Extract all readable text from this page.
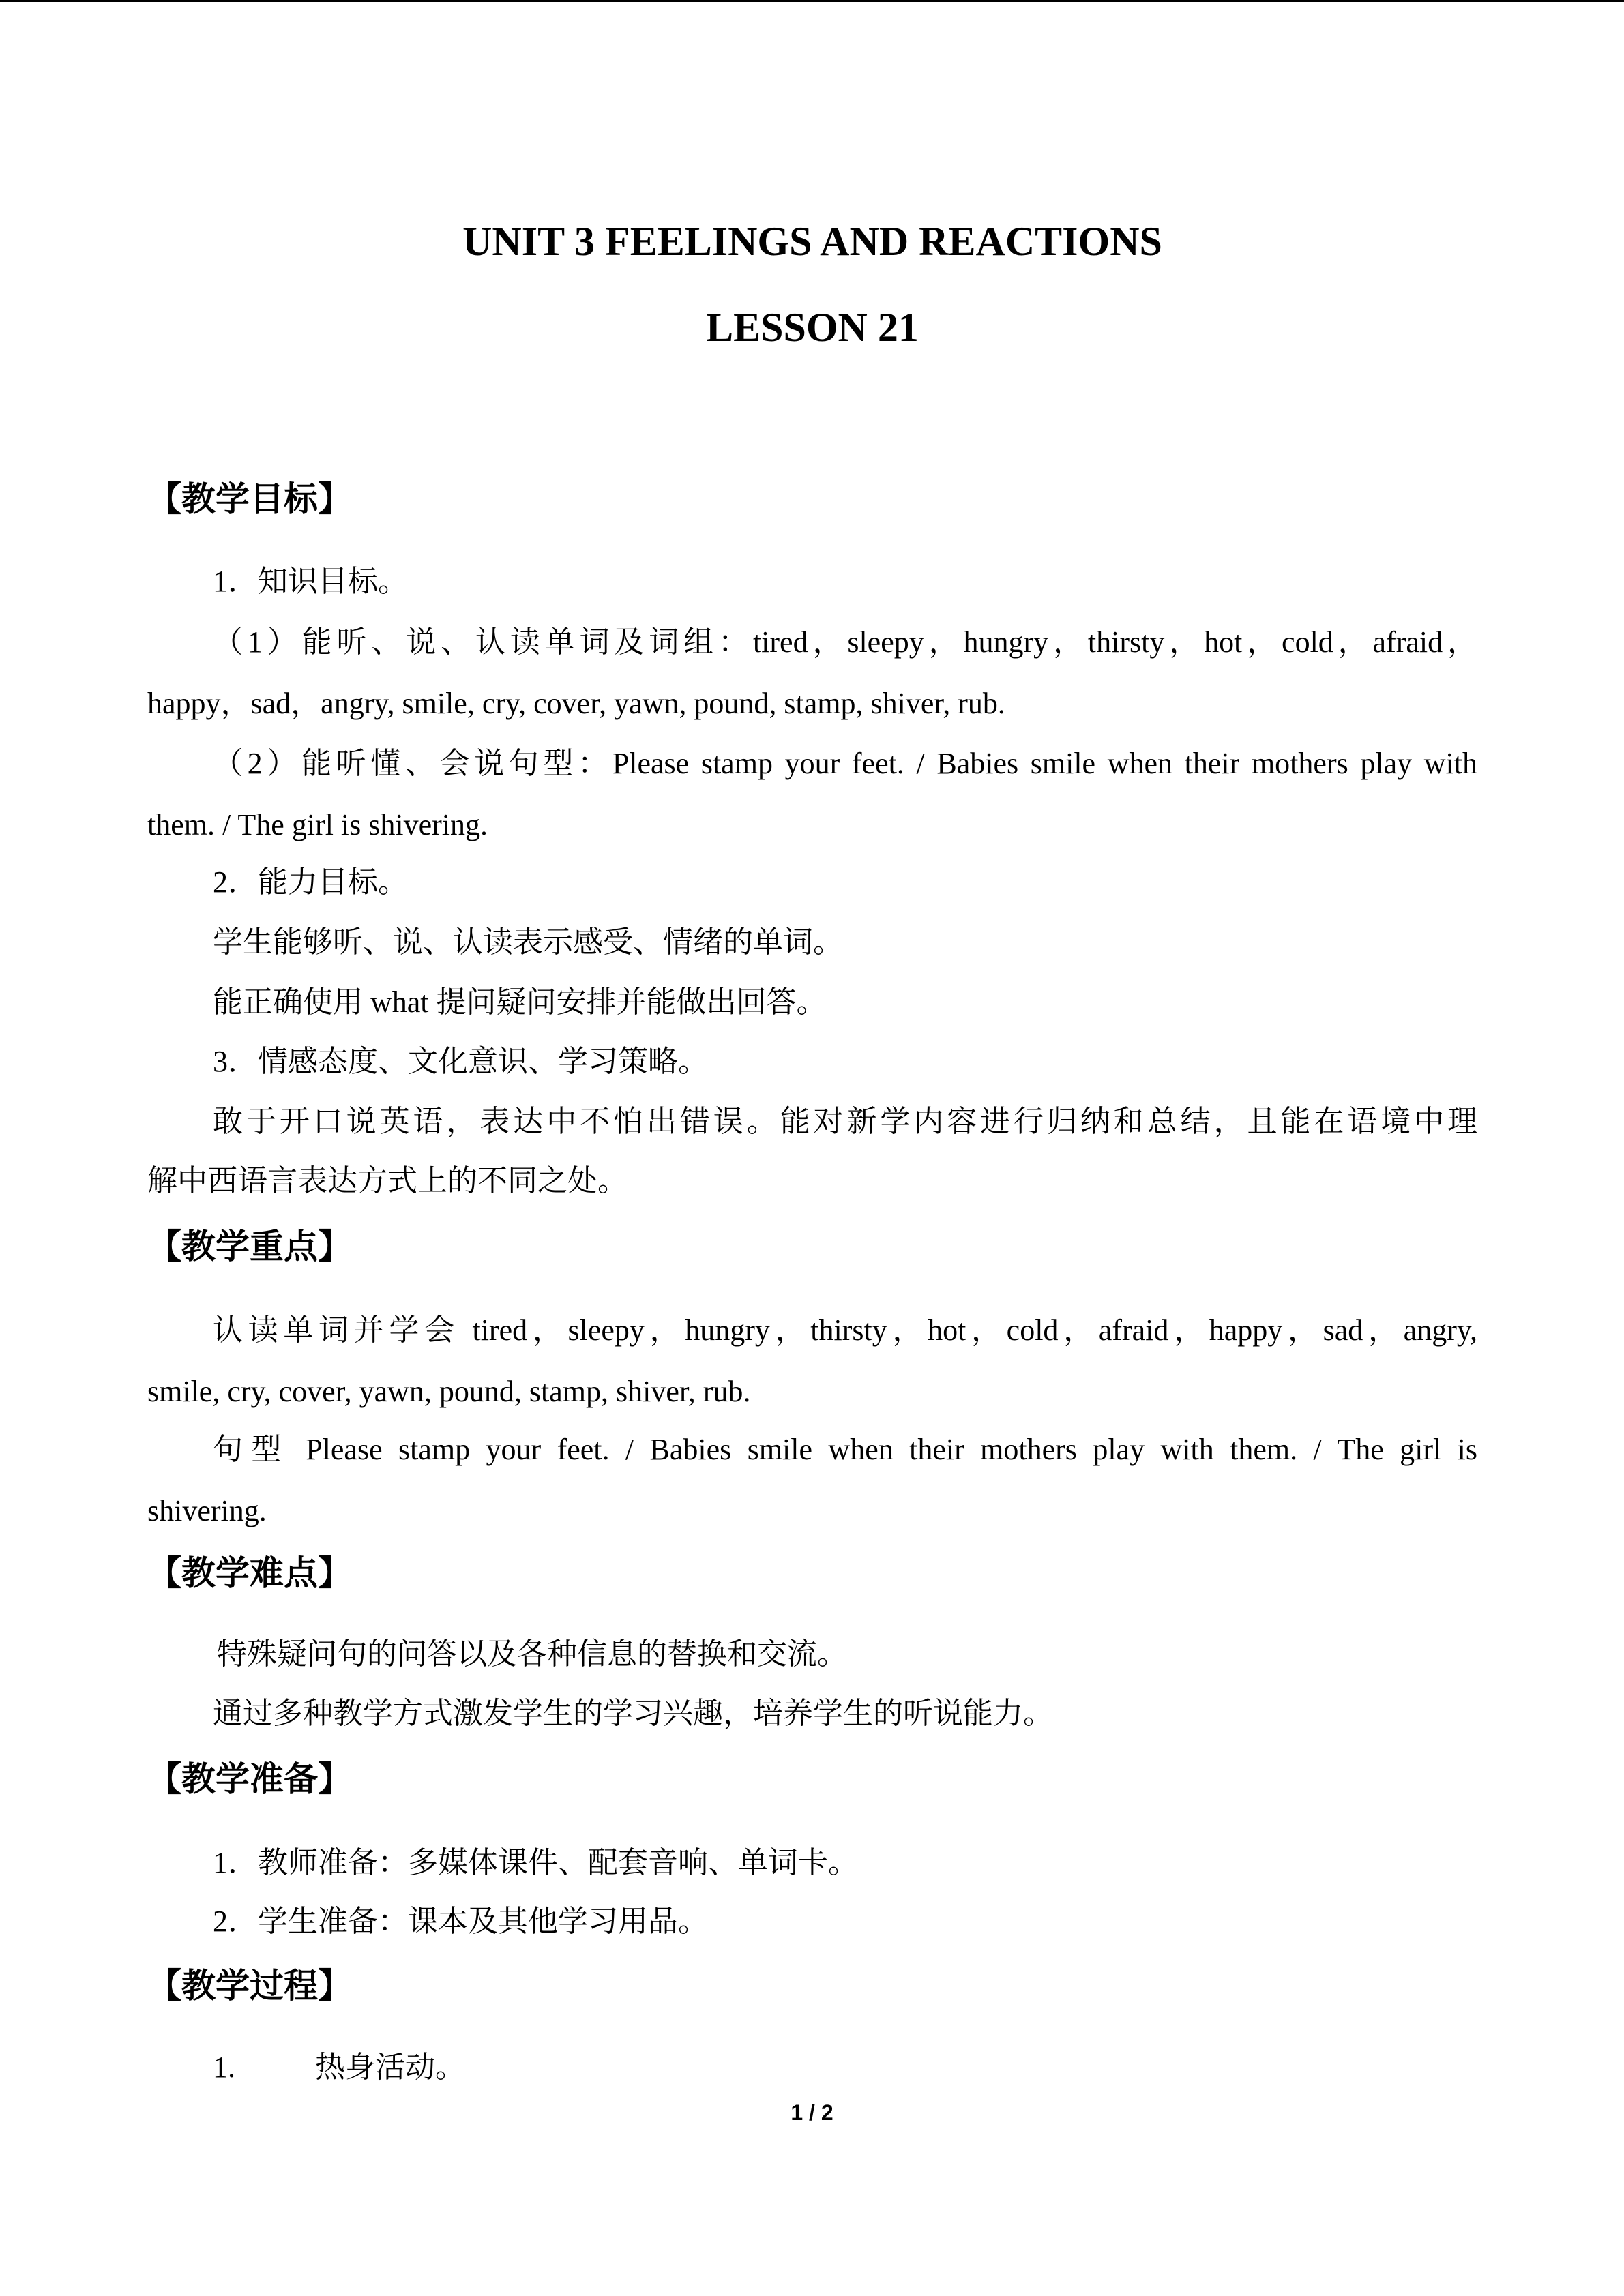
UNIT 3 FEELINGS AND REACTIONS
LESSON 21
【教学目标】
1．知识目标。
（1）能听、说、认读单词及词组：tired，sleepy，hungry，thirsty，hot，cold，afraid，
happy，sad，angry, smile, cry, cover, yawn, pound, stamp, shiver, rub.
（2）能听懂、会说句型：Please stamp your feet. / Babies smile when their mothers play with
them. / The girl is shivering.
2．能力目标。
学生能够听、说、认读表示感受、情绪的单词。
能正确使用 what 提问疑问安排并能做出回答。
3．情感态度、文化意识、学习策略。
敢于开口说英语，表达中不怕出错误。能对新学内容进行归纳和总结，且能在语境中理
解中西语言表达方式上的不同之处。
【教学重点】
认读单词并学会 tired，sleepy，hungry，thirsty，hot，cold，afraid，happy，sad，angry,
smile, cry, cover, yawn, pound, stamp, shiver, rub.
句型 Please stamp your feet. / Babies smile when their mothers play with them. / The girl is
shivering.
【教学难点】
特殊疑问句的问答以及各种信息的替换和交流。
通过多种教学方式激发学生的学习兴趣，培养学生的听说能力。
【教学准备】
1．教师准备：多媒体课件、配套音响、单词卡。
2．学生准备：课本及其他学习用品。
【教学过程】
1.	热身活动。
1 / 2
